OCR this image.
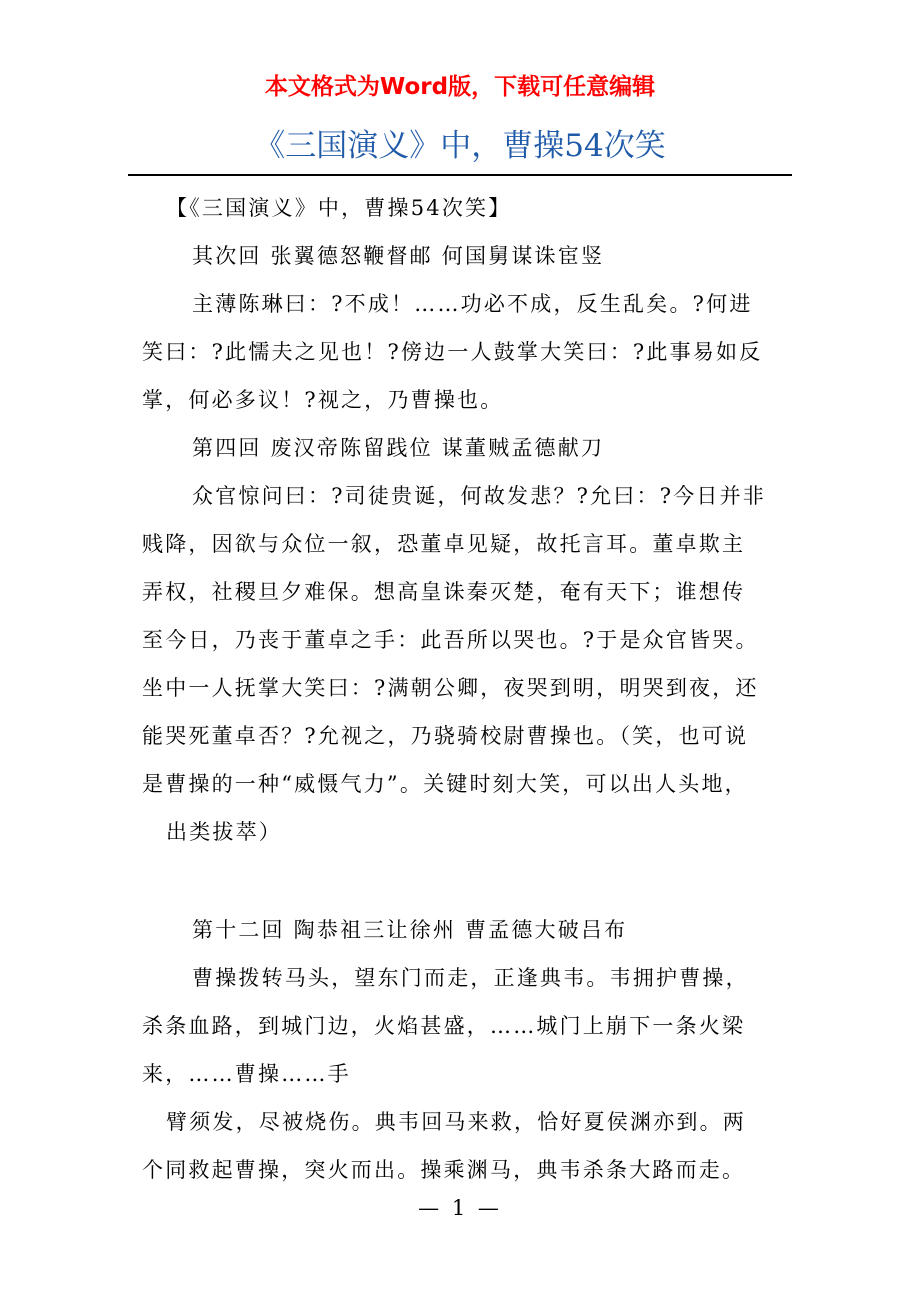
本文格式为Word版，下载可任意编辑
《三国演义》中，曹操54次笑

【《三国演义》中，曹操54次笑】

其次回 张翼德怒鞭督邮 何国舅谋诛宦竖

主薄陈琳曰：?不成！……功必不成，反生乱矣。?何进

笑曰：?此懦夫之见也！?傍边一人鼓掌大笑曰：?此事易如反

掌，何必多议！?视之，乃曹操也。

第四回 废汉帝陈留践位 谋董贼孟德献刀

众官惊问曰：?司徒贵诞，何故发悲？?允曰：?今日并非

贱降，因欲与众位一叙，恐董卓见疑，故托言耳。董卓欺主

弄权，社稷旦夕难保。想高皇诛秦灭楚，奄有天下；谁想传

至今日，乃丧于董卓之手：此吾所以哭也。?于是众官皆哭。

坐中一人抚掌大笑曰：?满朝公卿，夜哭到明，明哭到夜，还

能哭死董卓否？?允视之，乃骁骑校尉曹操也。（笑，也可说

是曹操的一种“威慑气力”。关键时刻大笑，可以出人头地，

出类拔萃）

第十二回 陶恭祖三让徐州 曹孟德大破吕布

曹操拨转马头，望东门而走，正逢典韦。韦拥护曹操，

杀条血路，到城门边，火焰甚盛，……城门上崩下一条火梁

来，……曹操……手

臂须发，尽被烧伤。典韦回马来救，恰好夏侯渊亦到。两

个同救起曹操，突火而出。操乘渊马，典韦杀条大路而走。

— 1 —
